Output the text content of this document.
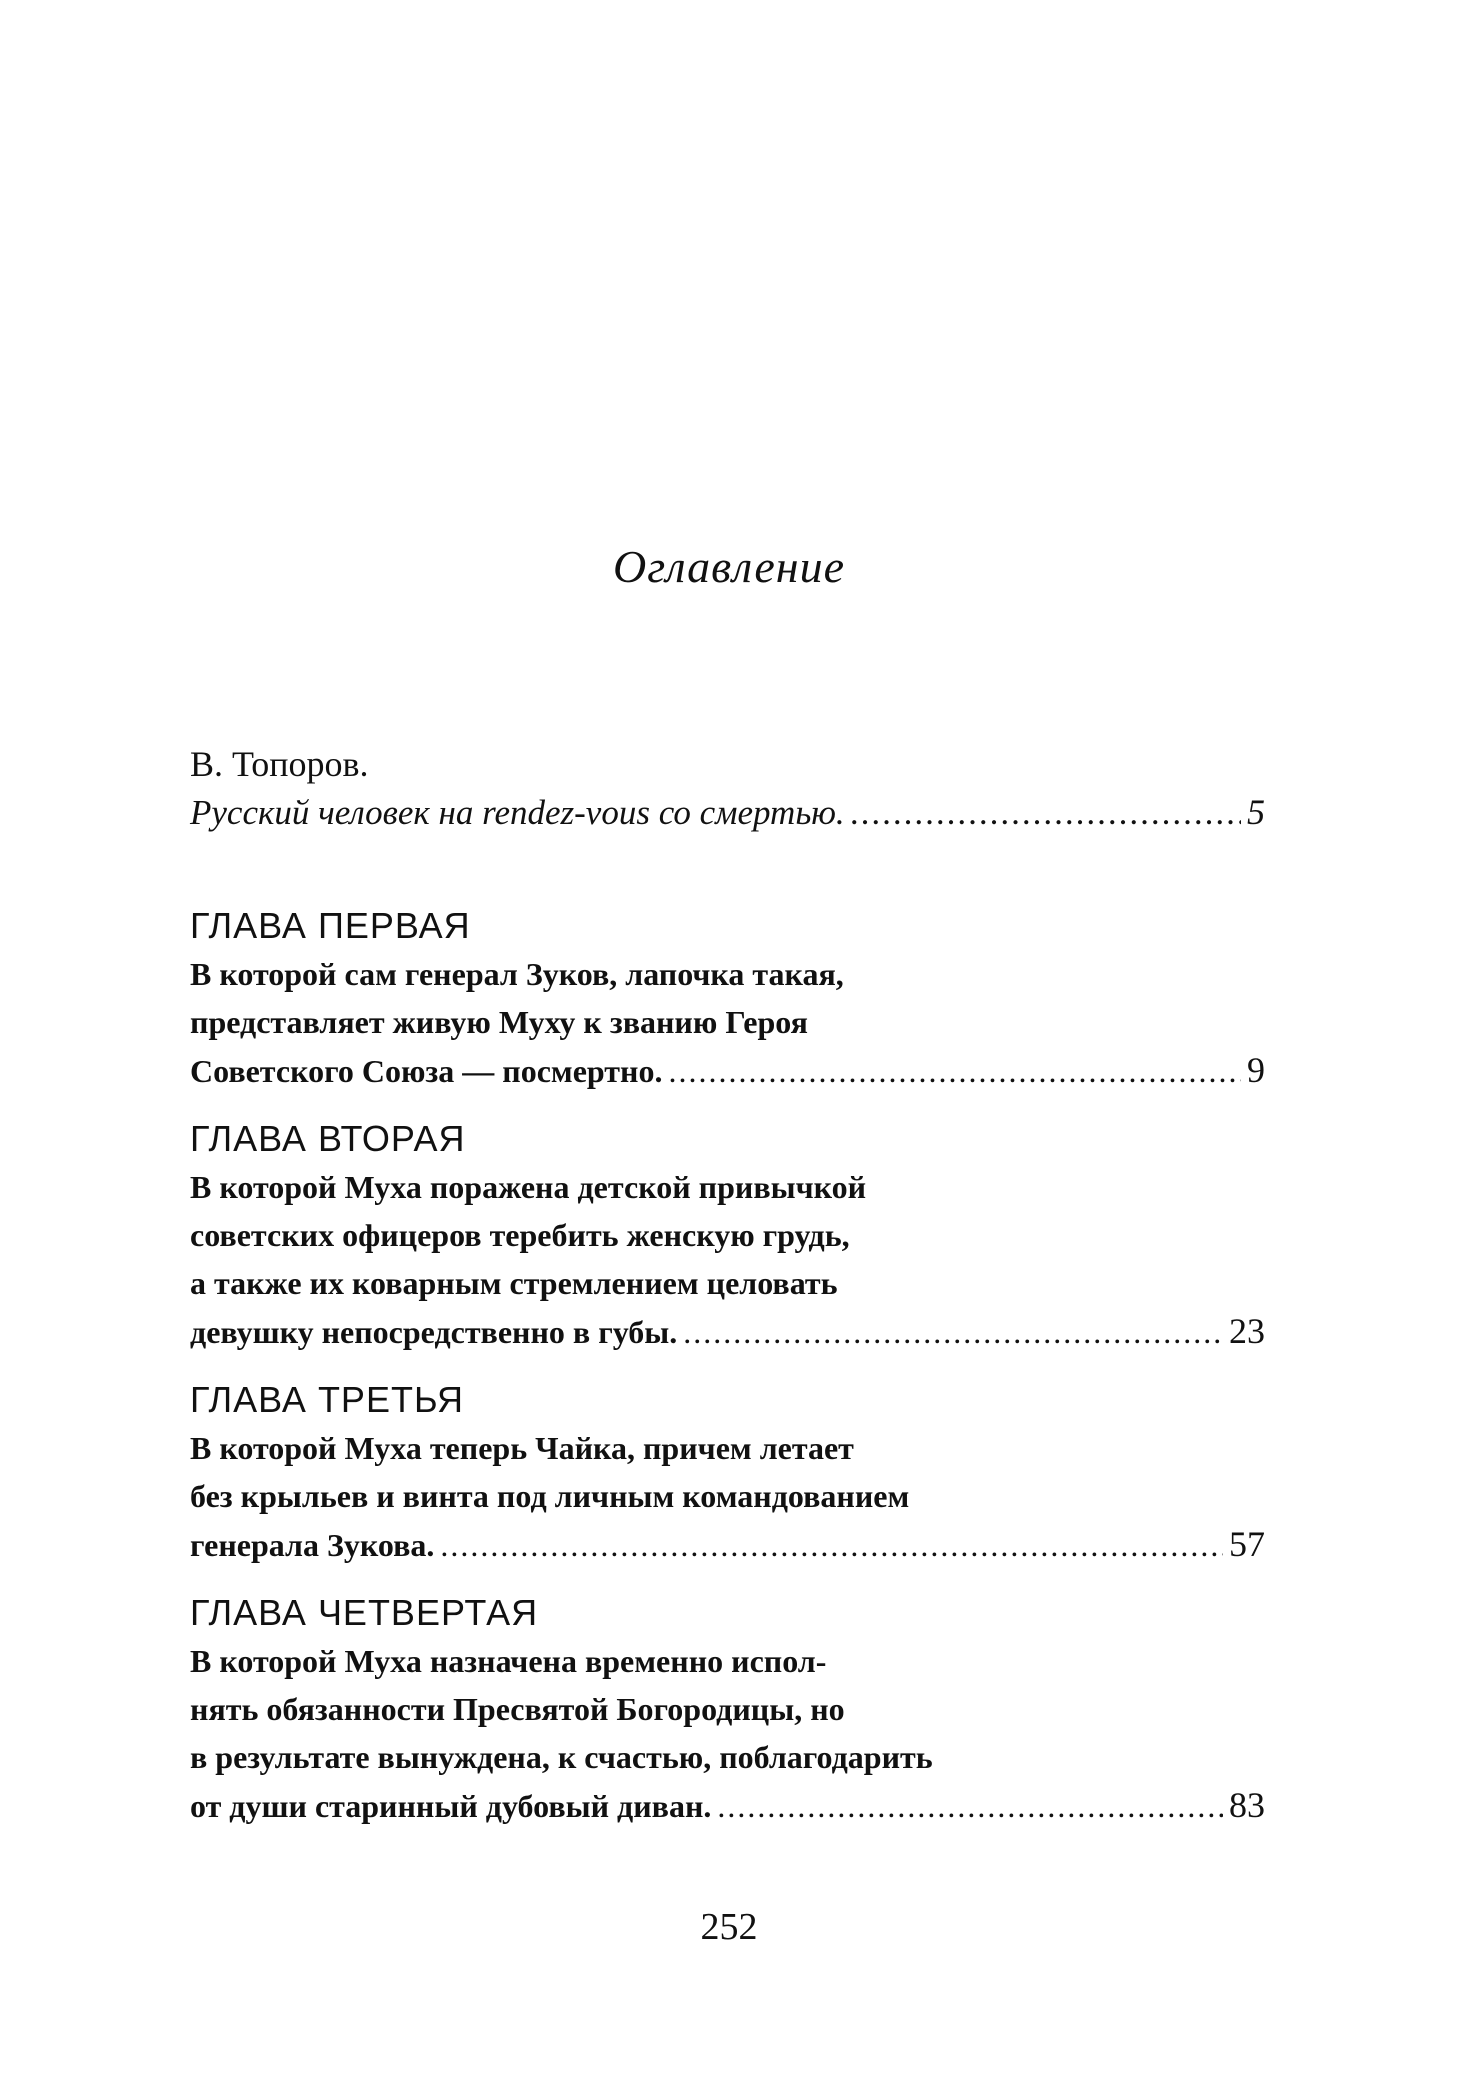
Оглавление
В. Топоров.
Русский человек на rendez-vous со смертью. .....	5
ГЛАВА ПЕРВАЯ
В которой сам генерал Зуков, лапочка такая,
представляет живую Муху к званию Героя
Советского Союза — посмертно. .....	9
ГЛАВА ВТОРАЯ
В которой Муха поражена детской привычкой
советских офицеров теребить женскую грудь,
а также их коварным стремлением целовать
девушку непосредственно в губы. .....	23
ГЛАВА ТРЕТЬЯ
В которой Муха теперь Чайка, причем летает
без крыльев и винта под личным командованием
генерала Зукова. .....	57
ГЛАВА ЧЕТВЕРТАЯ
В которой Муха назначена временно испол-
нять обязанности Пресвятой Богородицы, но
в результате вынуждена, к счастью, поблагодарить
от души старинный дубовый диван. .....	83
252
